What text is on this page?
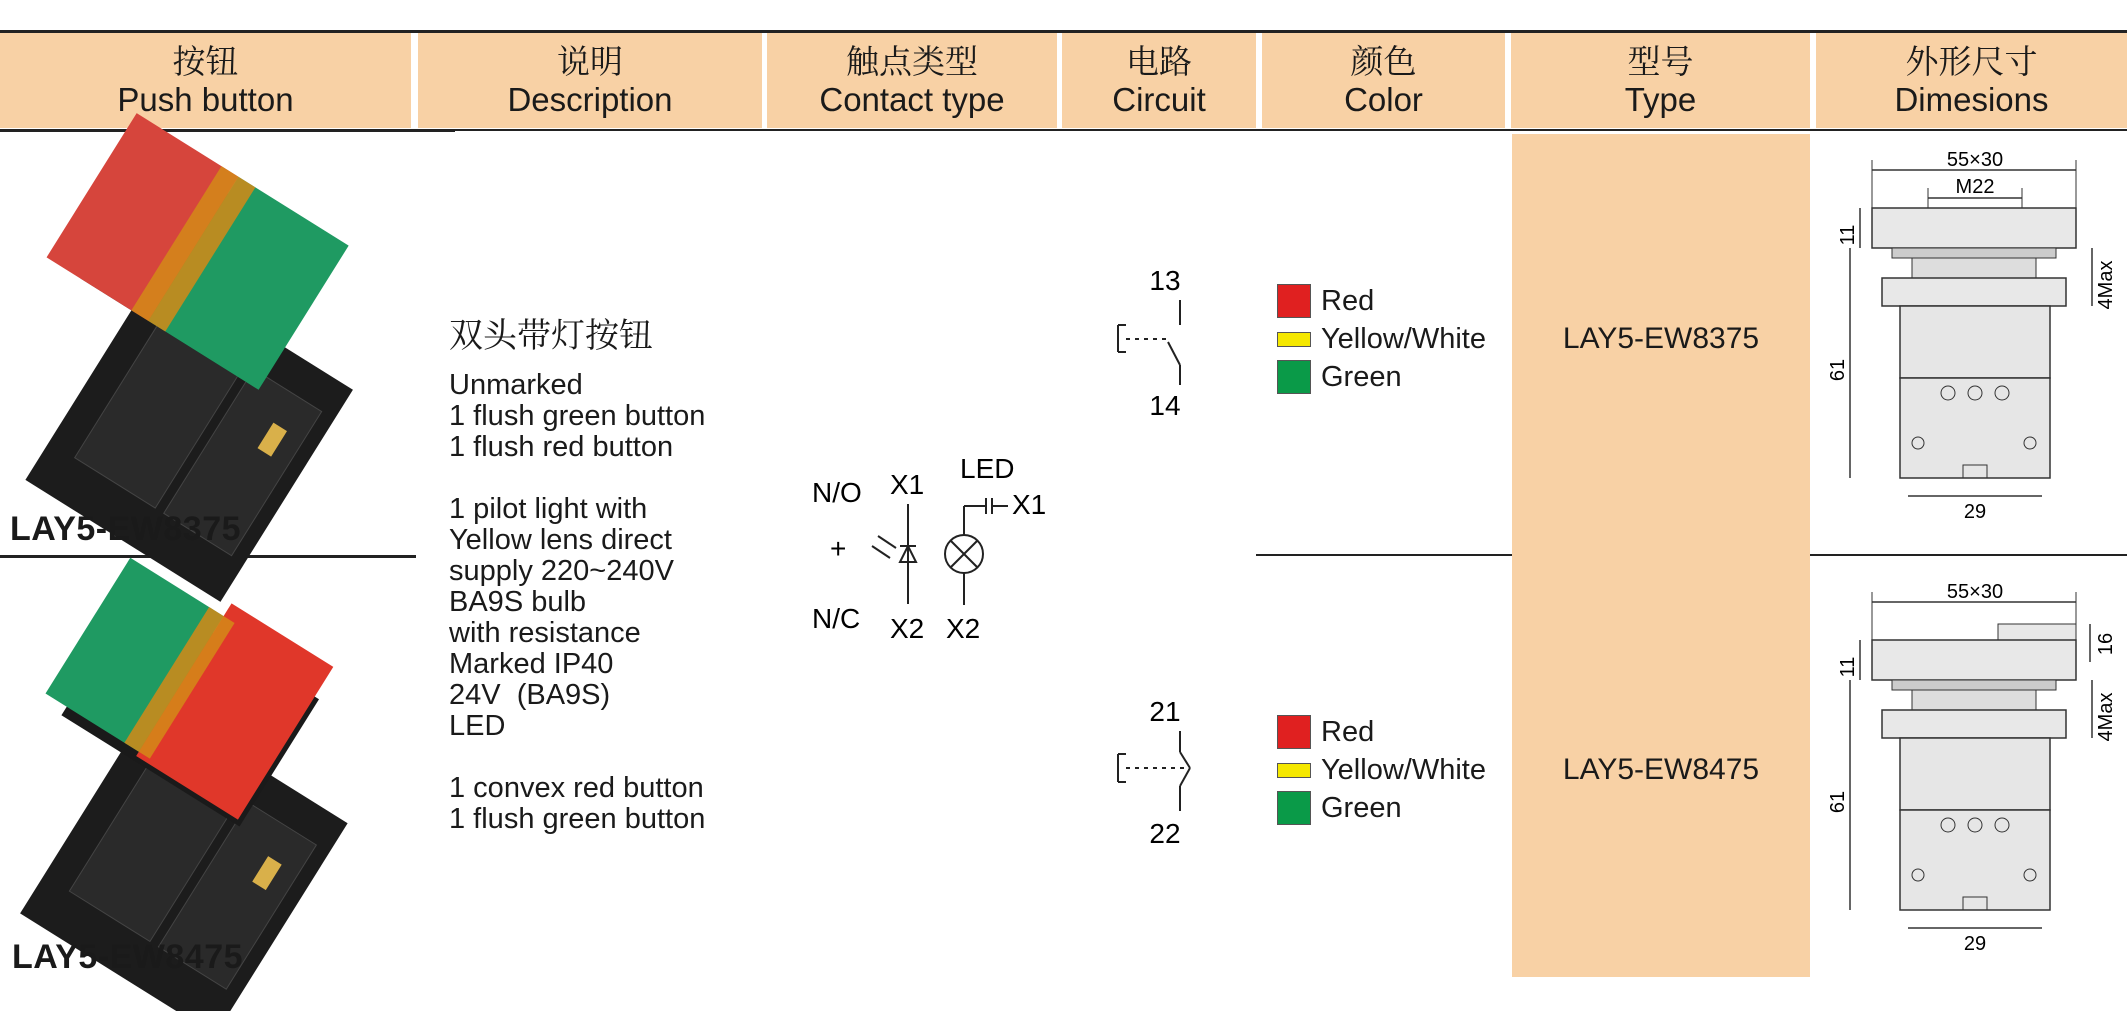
按钮
Push button
说明
Description
触点类型
Contact type
电路
Circuit
颜色
Color
型号
Type
外形尺寸
Dimesions
LAY5-EW8375
LAY5-EW8475
双头带灯按钮
Unmarked
1 flush green button
1 flush red button
1 pilot light with
Yellow lens direct
supply 220~240V
BA9S bulb
with resistance
Marked IP40
24V  (BA9S)
LED
1 convex red button
1 flush green button
N/O
+
N/C
X1
X2
LED
X1
X2
13
14
21
22
Red
Yellow/White
Green
Red
Yellow/White
Green
LAY5-EW8375
LAY5-EW8475
55×30
M22
11
61
4Max
29
55×30
11
61
16
4Max
29
